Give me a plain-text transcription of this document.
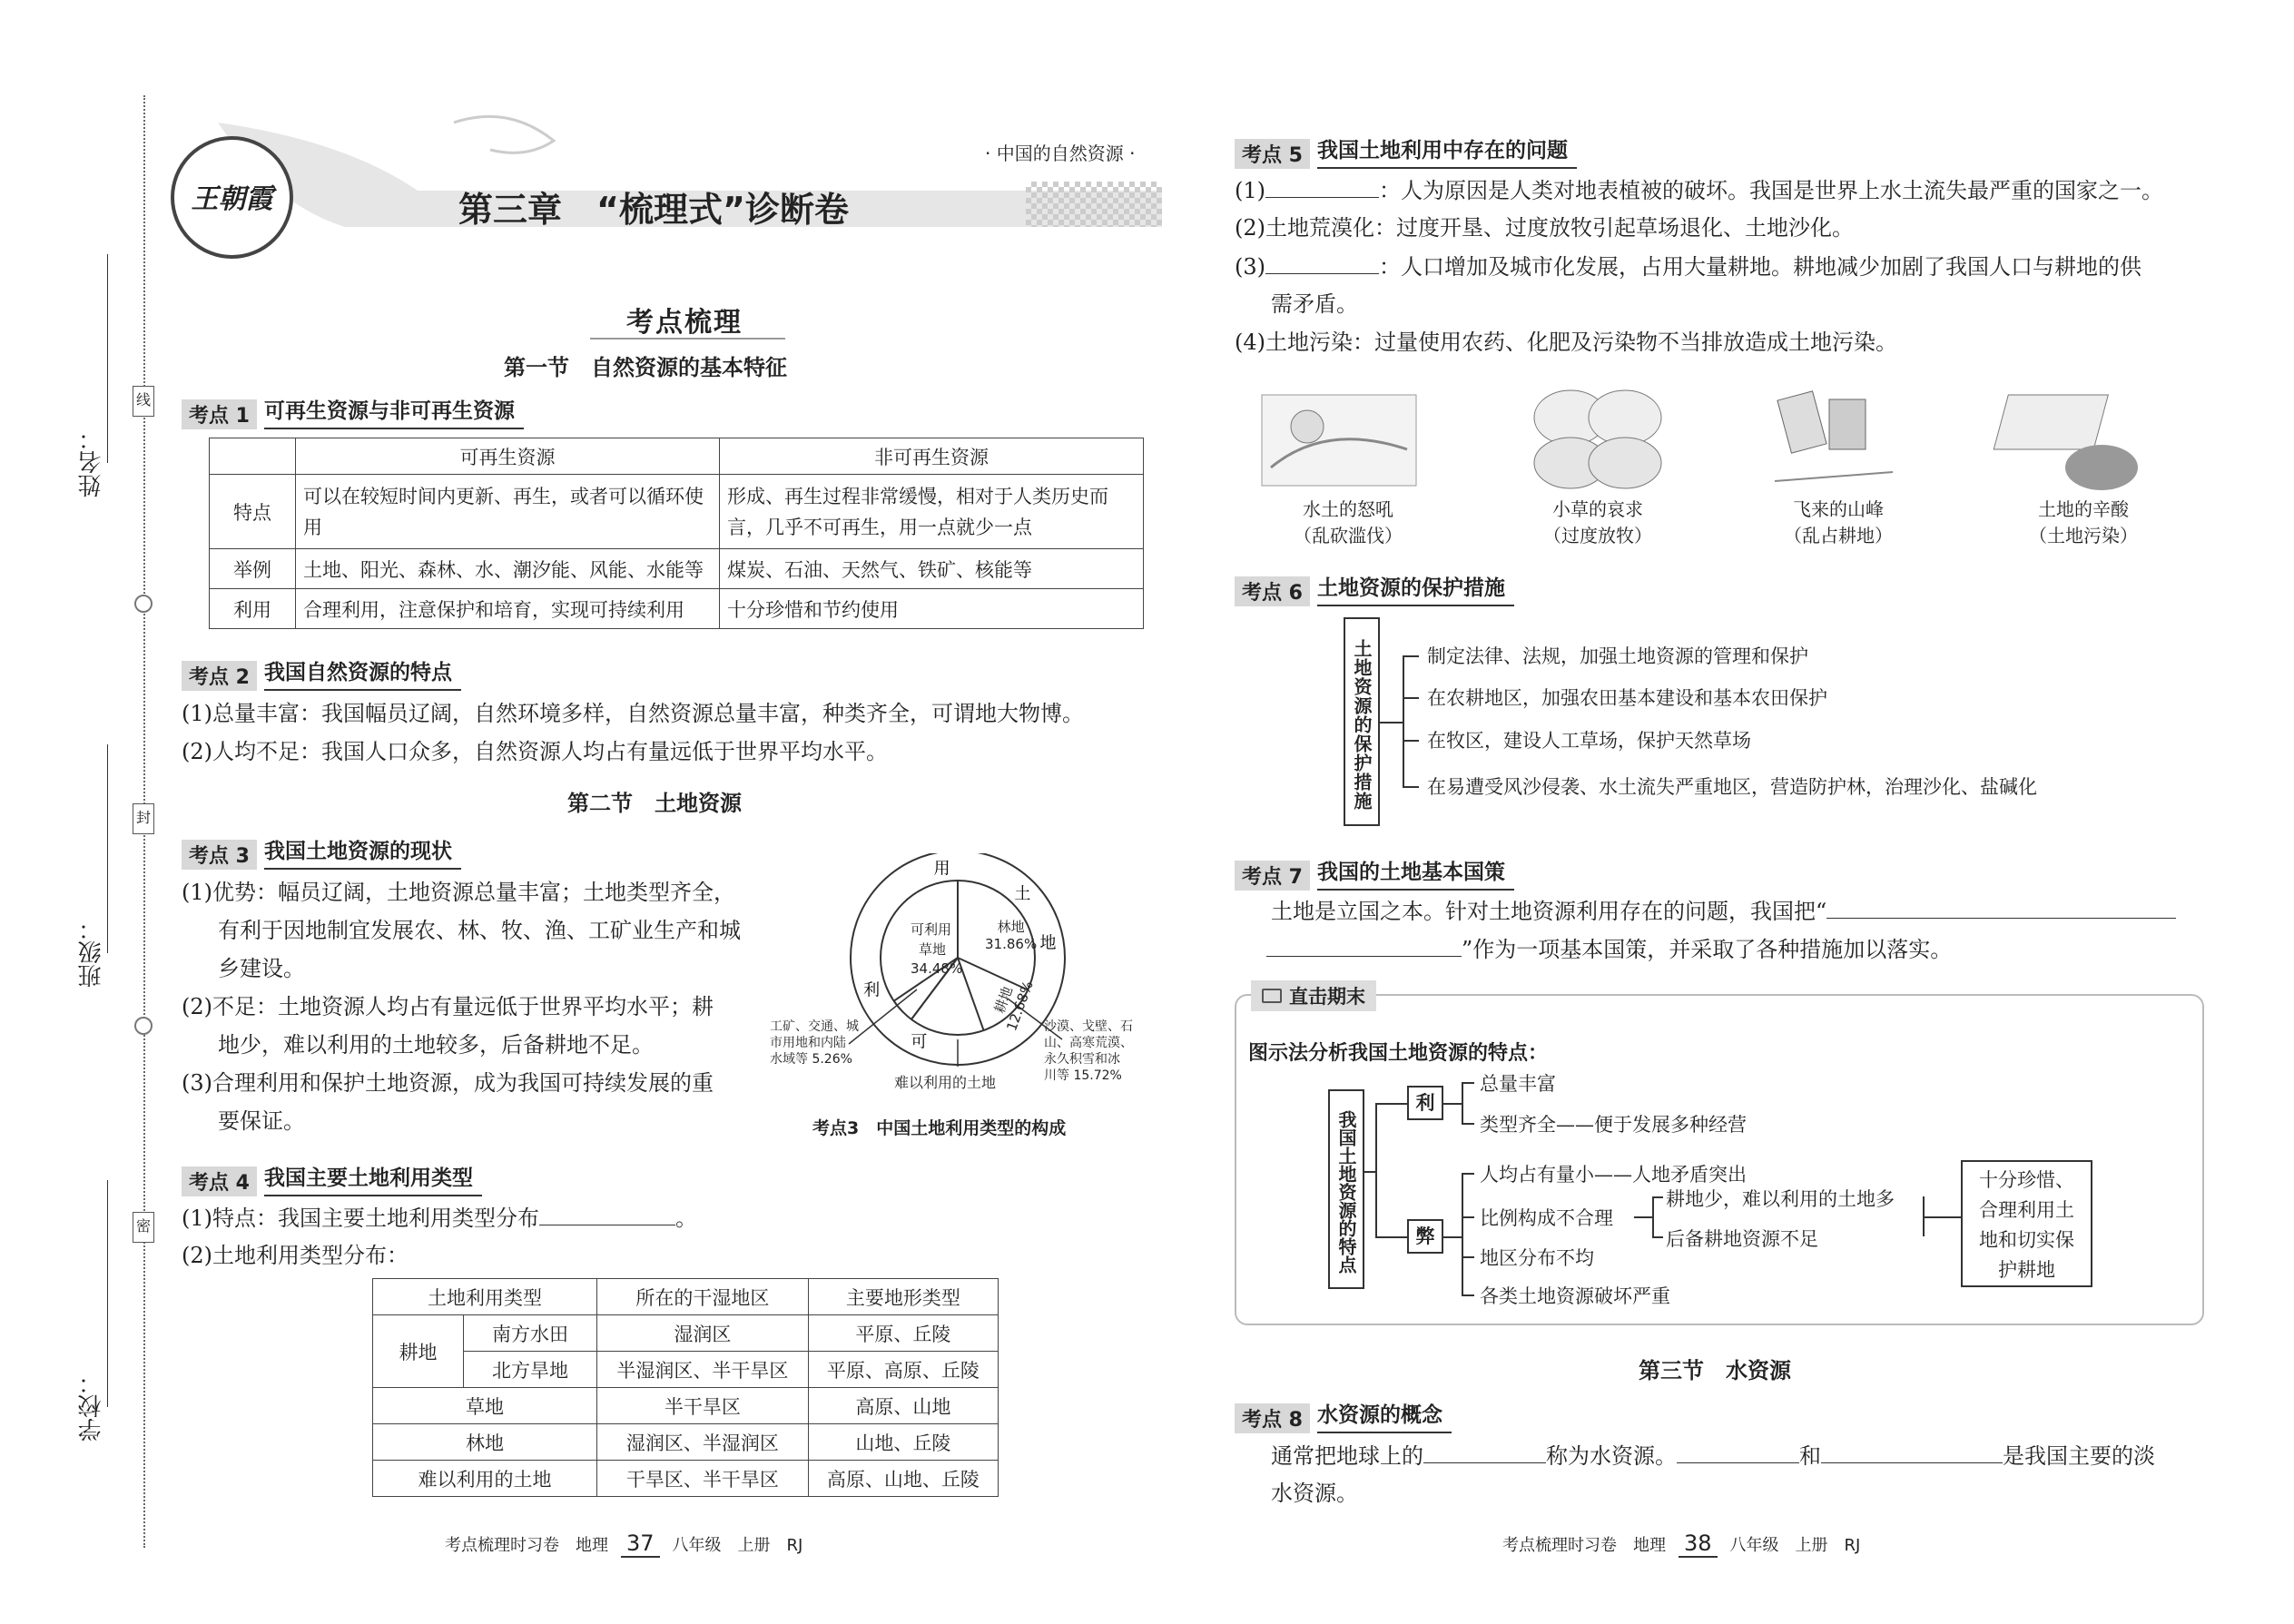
姓名：
班级：
学校：
线
封
密
王朝霞
· 中国的自然资源 ·
第三章　“梳理式”诊断卷
考点梳理
第一节　自然资源的基本特征
考点 1 可再生资源与非可再生资源
	可再生资源	非可再生资源
特点	可以在较短时间内更新、再生，或者可以循环使用	形成、再生过程非常缓慢，相对于人类历史而言，几乎不可再生，用一点就少一点
举例	土地、阳光、森林、水、潮汐能、风能、水能等	煤炭、石油、天然气、铁矿、核能等
利用	合理利用，注意保护和培育，实现可持续利用	十分珍惜和节约使用
考点 2 我国自然资源的特点
(1)总量丰富：我国幅员辽阔，自然环境多样，自然资源总量丰富，种类齐全，可谓地大物博。
(2)人均不足：我国人口众多，自然资源人均占有量远低于世界平均水平。
第二节　土地资源
考点 3 我国土地资源的现状
(1)优势：幅员辽阔，土地资源总量丰富；土地类型齐全，
有利于因地制宜发展农、林、牧、渔、工矿业生产和城
乡建设。
(2)不足：土地资源人均占有量远低于世界平均水平；耕
地少，难以利用的土地较多，后备耕地不足。
(3)合理利用和保护土地资源，成为我国可持续发展的重
要保证。
用
土
地
可
利
林地
31.86%
耕地
12.68%
可利用
草地
34.48%
沙漠、戈壁、石
山、高寒荒漠、
永久积雪和冰
川等 15.72%
难以利用的土地
工矿、交通、城
市用地和内陆
水域等 5.26%
考点3　中国土地利用类型的构成
考点 4 我国主要土地利用类型
(1)特点：我国主要土地利用类型分布	。
(2)土地利用类型分布：
土地利用类型		所在的干湿地区	主要地形类型
耕地	南方水田	湿润区	平原、丘陵
	北方旱地	半湿润区、半干旱区	平原、高原、丘陵
草地		半干旱区	高原、山地
林地		湿润区、半湿润区	山地、丘陵
难以利用的土地		干旱区、半干旱区	高原、山地、丘陵
考点梳理时习卷　地理 37	八年级　上册　RJ
考点 5 我国土地利用中存在的问题
(1)	：人为原因是人类对地表植被的破坏。我国是世界上水土流失最严重的国家之一。
(2)土地荒漠化：过度开垦、过度放牧引起草场退化、土地沙化。
(3)	：人口增加及城市化发展，占用大量耕地。耕地减少加剧了我国人口与耕地的供
需矛盾。
(4)土地污染：过量使用农药、化肥及污染物不当排放造成土地污染。
水土的怒吼
（乱砍滥伐）
小草的哀求
（过度放牧）
飞来的山峰
（乱占耕地）
土地的辛酸
（土地污染）
考点 6 土地资源的保护措施
土地资源的保护措施	制定法律、法规，加强土地资源的管理和保护
在农耕地区，加强农田基本建设和基本农田保护
在牧区，建设人工草场，保护天然草场
在易遭受风沙侵袭、水土流失严重地区，营造防护林，治理沙化、盐碱化
考点 7 我国的土地基本国策
土地是立国之本。针对土地资源利用存在的问题，我国把“
”作为一项基本国策，并采取了各种措施加以落实。
直击期末
图示法分析我国土地资源的特点：
我国土地资源的特点
利
弊
总量丰富
类型齐全——便于发展多种经营
人均占有量小——人地矛盾突出
比例构成不合理
地区分布不均
各类土地资源破坏严重
耕地少，难以利用的土地多
后备耕地资源不足
十分珍惜、合理利用土地和切实保护耕地
第三节　水资源
考点 8 水资源的概念
通常把地球上的	称为水资源。	和	是我国主要的淡
水资源。
考点梳理时习卷　地理 38	八年级　上册　RJ
